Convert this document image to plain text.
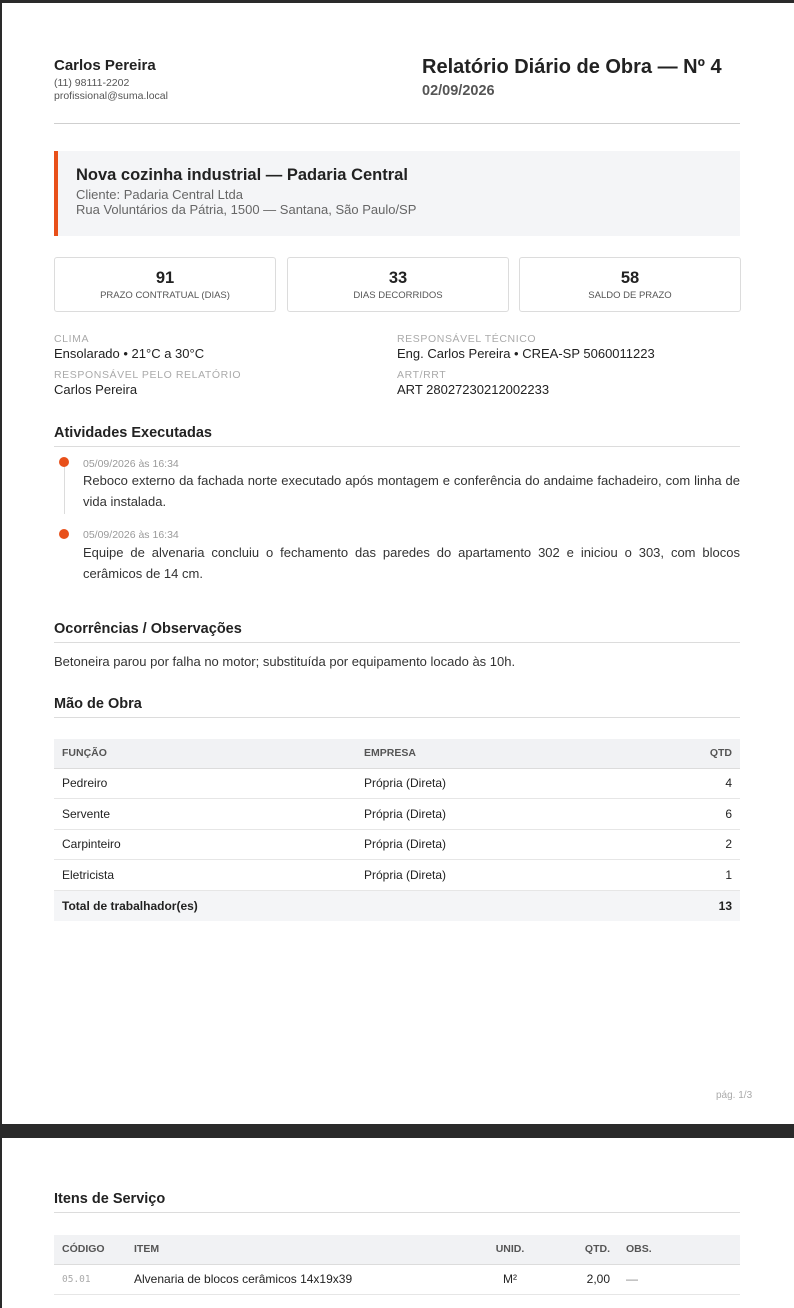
Carlos Pereira
(11) 98111-2202
profissional@suma.local
Relatório Diário de Obra — Nº 4
02/09/2026
Nova cozinha industrial — Padaria Central
Cliente: Padaria Central Ltda
Rua Voluntários da Pátria, 1500 — Santana, São Paulo/SP
91
PRAZO CONTRATUAL (DIAS)
33
DIAS DECORRIDOS
58
SALDO DE PRAZO
CLIMA
Ensolarado • 21°C a 30°C
RESPONSÁVEL TÉCNICO
Eng. Carlos Pereira • CREA-SP 5060011223
RESPONSÁVEL PELO RELATÓRIO
Carlos Pereira
ART/RRT
ART 28027230212002233
Atividades Executadas
05/09/2026 às 16:34
Reboco externo da fachada norte executado após montagem e conferência do andaime fachadeiro, com linha de vida instalada.
05/09/2026 às 16:34
Equipe de alvenaria concluiu o fechamento das paredes do apartamento 302 e iniciou o 303, com blocos cerâmicos de 14 cm.
Ocorrências / Observações
Betoneira parou por falha no motor; substituída por equipamento locado às 10h.
Mão de Obra
FUNÇÃO	EMPRESA	QTD
Pedreiro	Própria (Direta)	4
Servente	Própria (Direta)	6
Carpinteiro	Própria (Direta)	2
Eletricista	Própria (Direta)	1
Total de trabalhador(es)		13
pág. 1/3
Itens de Serviço
CÓDIGO	ITEM	UNID.	QTD.	OBS.
05.01	Alvenaria de blocos cerâmicos 14x19x39	M²	2,00	—
